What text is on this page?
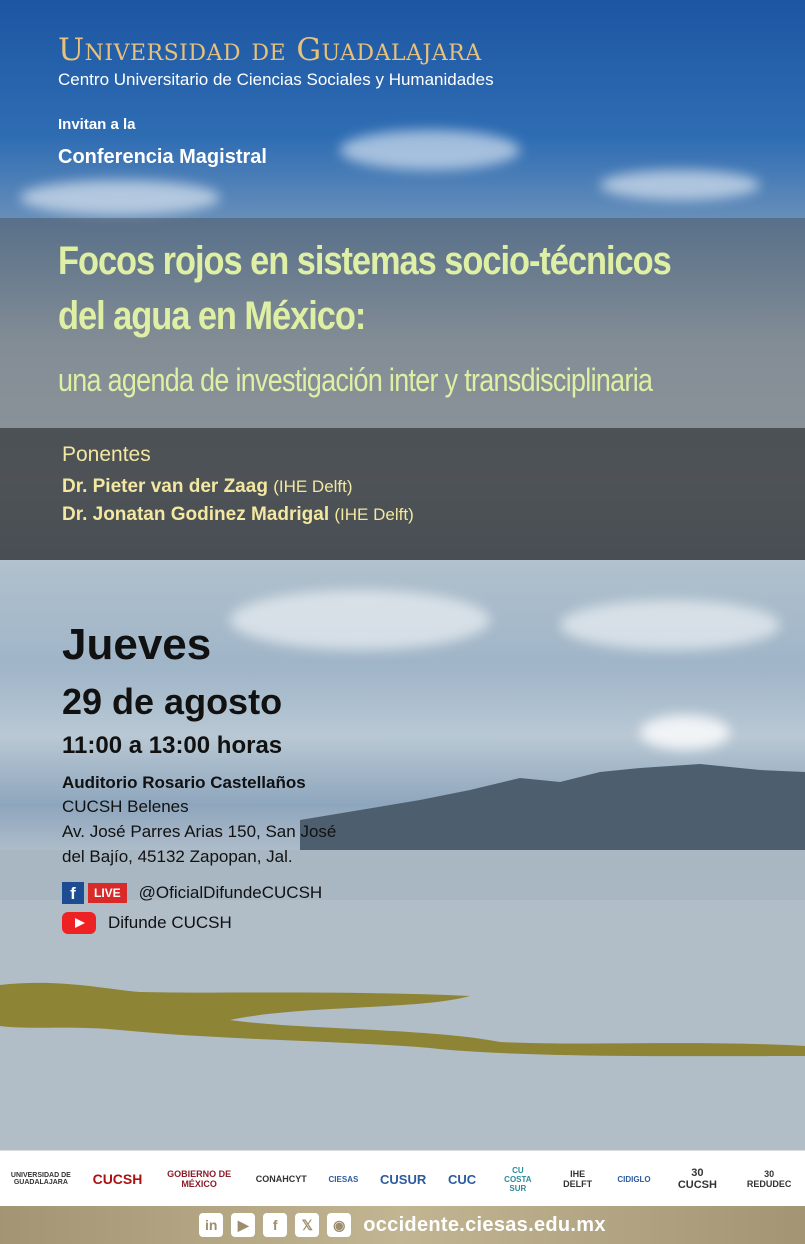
Universidad de Guadalajara
Centro Universitario de Ciencias Sociales y Humanidades
Invitan a la
Conferencia Magistral
Focos rojos en sistemas socio-técnicos
del agua en México:
una agenda de investigación inter y transdisciplinaria
Ponentes
Dr. Pieter van der Zaag (IHE Delft)
Dr. Jonatan Godinez Madrigal (IHE Delft)
Jueves
29 de agosto
11:00 a 13:00 horas
Auditorio Rosario Castellaños
CUCSH Belenes
Av. José Parres Arias 150, San José
del Bajío, 45132 Zapopan, Jal.
f	LIVE	@OficialDifundeCUCSH
Difunde CUCSH
UNIVERSIDAD DE GUADALAJARA CUCSH	GOBIERNO DE MÉXICO	CONAHCYT	CIESAS CUSUR CUC
CU COSTA SUR
IHE DELFT	CIDIGLO	30 CUCSH
30 REDUDEC
in	▶	f	𝕏	◉ occidente.ciesas.edu.mx
